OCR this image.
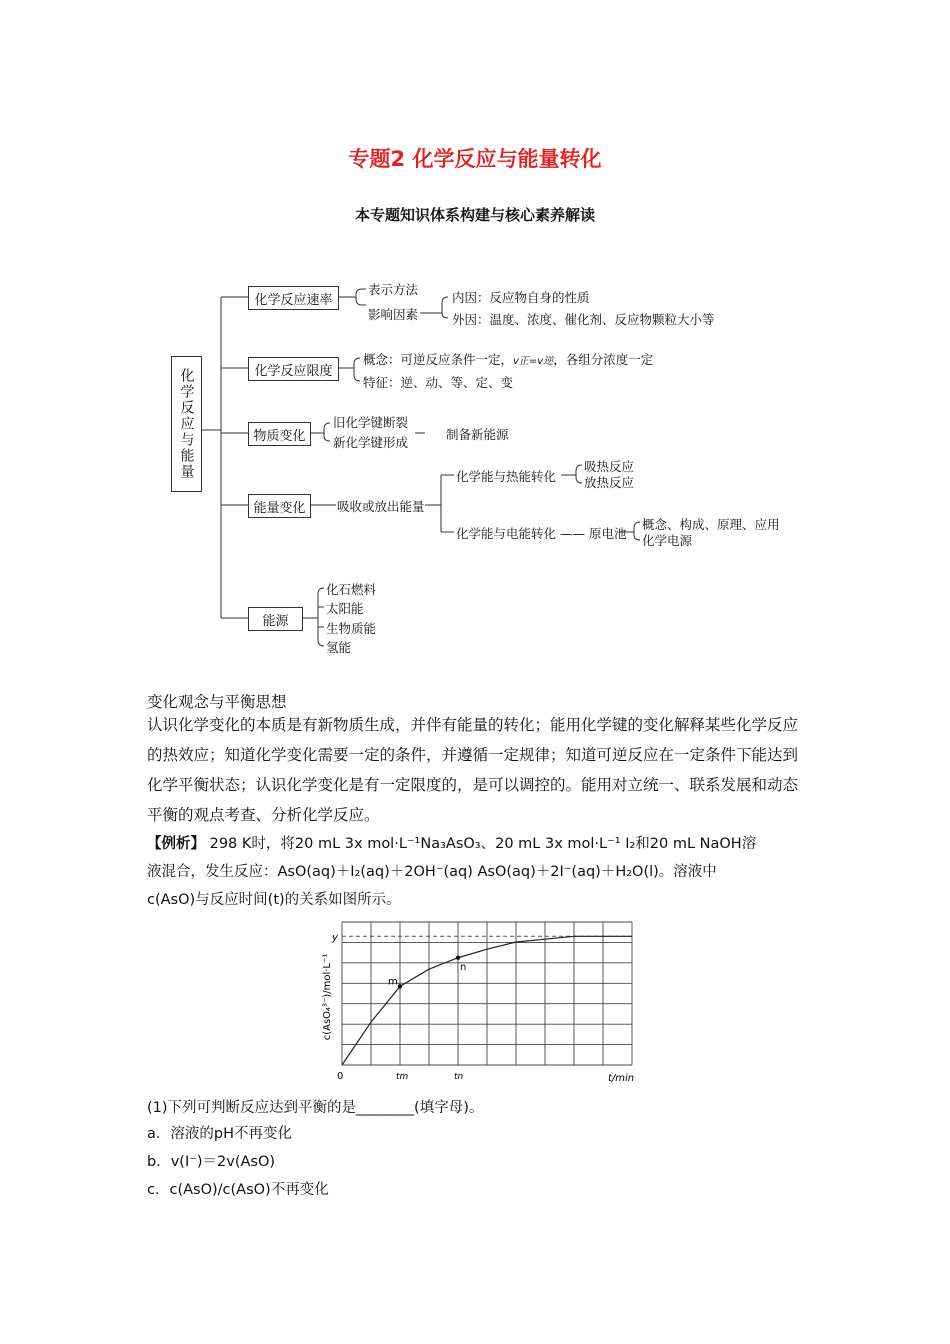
专题2 化学反应与能量转化
本专题知识体系构建与核心素养解读
化学反应与能量
化学反应速率
表示方法
影响因素
内因：反应物自身的性质
外因：温度、浓度、催化剂、反应物颗粒大小等
化学反应限度
概念：可逆反应条件一定，v正=v逆，各组分浓度一定
特征：逆、动、等、定、变
物质变化
旧化学键断裂
新化学键形成
制备新能源
能量变化	吸收或放出能量
化学能与热能转化
吸热反应
放热反应
化学能与电能转化 —— 原电池
概念、构成、原理、应用
化学电源
能源
化石燃料
太阳能
生物质能
氢能
变化观念与平衡思想
认识化学变化的本质是有新物质生成，并伴有能量的转化；能用化学键的变化解释某些化学反应的热效应；知道化学变化需要一定的条件，并遵循一定规律；知道可逆反应在一定条件下能达到化学平衡状态；认识化学变化是有一定限度的，是可以调控的。能用对立统一、联系发展和动态平衡的观点考查、分析化学反应。
【例析】 298 K时，将20 mL 3x mol·L⁻¹Na₃AsO₃、20 mL 3x mol·L⁻¹ I₂和20 mL NaOH溶
液混合，发生反应：AsO(aq)＋I₂(aq)＋2OH⁻(aq) AsO(aq)＋2I⁻(aq)＋H₂O(l)。溶液中
c(AsO)与反应时间(t)的关系如图所示。
m
n
0	tm	tn	t/min
y
c(AsO₄³⁻)/mol·L⁻¹
(1)下列可判断反应达到平衡的是________(填字母)。
a．溶液的pH不再变化
b．v(I⁻)＝2v(AsO)
c．c(AsO)/c(AsO)不再变化
